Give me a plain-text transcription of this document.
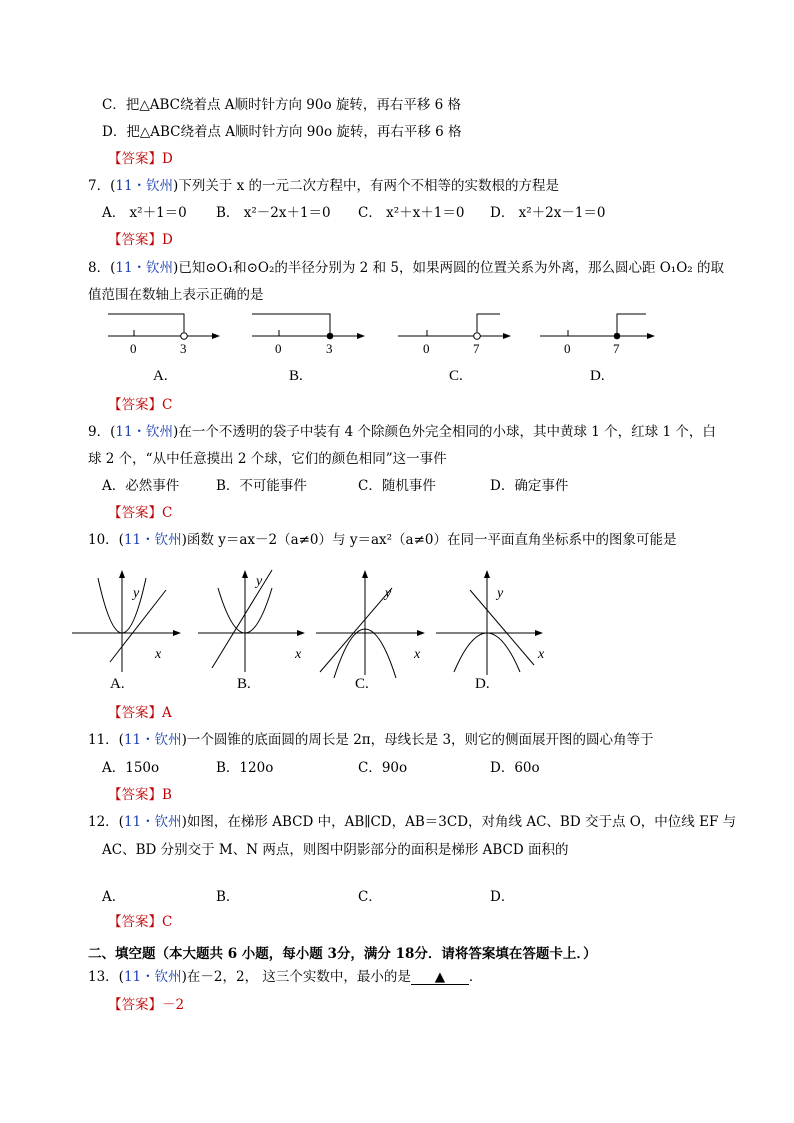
C．把△ABC绕着点 A顺时针方向 90o 旋转，再右平移 6 格
D．把△ABC绕着点 A顺时针方向 90o 旋转，再右平移 6 格
【答案】D
7．(11・钦州)下列关于 x 的一元二次方程中，有两个不相等的实数根的方程是
A． x²＋1＝0 B． x²－2x＋1＝0 C． x²＋x＋1＝0 D． x²＋2x－1＝0
【答案】D
8．(11・钦州)已知⊙O₁和⊙O₂的半径分别为 2 和 5，如果两圆的位置关系为外离，那么圆心距 O₁O₂ 的取
值范围在数轴上表示正确的是
0	3	0	3	0	7	0	7
A.	B.	C.	D.
【答案】C
9．(11・钦州)在一个不透明的袋子中装有 4 个除颜色外完全相同的小球，其中黄球 1 个，红球 1 个，白
球 2 个，“从中任意摸出 2 个球，它们的颜色相同”这一事件
A．必然事件	B．不可能事件	C．随机事件	D．确定事件
【答案】C
10．(11・钦州)函数 y＝ax－2（a≠0）与 y＝ax²（a≠0）在同一平面直角坐标系中的图象可能是
y
x
y
x
y
x
y
x
A.	B.	C.	D.
【答案】A
11．(11・钦州)一个圆锥的底面圆的周长是 2π，母线长是 3，则它的侧面展开图的圆心角等于
A．150o	B．120o	C．90o	D．60o
【答案】B
12．(11・钦州)如图，在梯形 ABCD 中，AB∥CD，AB＝3CD，对角线 AC、BD 交于点 O，中位线 EF 与
AC、BD 分别交于 M、N 两点，则图中阴影部分的面积是梯形 ABCD 面积的
A．	B．	C．	D．
【答案】C
二、填空题（本大题共 6 小题，每小题 3分，满分 18分．请将答案填在答题卡上．）
13．(11・钦州)在－2，2， 这三个实数中，最小的是 ▲ ．
【答案】－2
